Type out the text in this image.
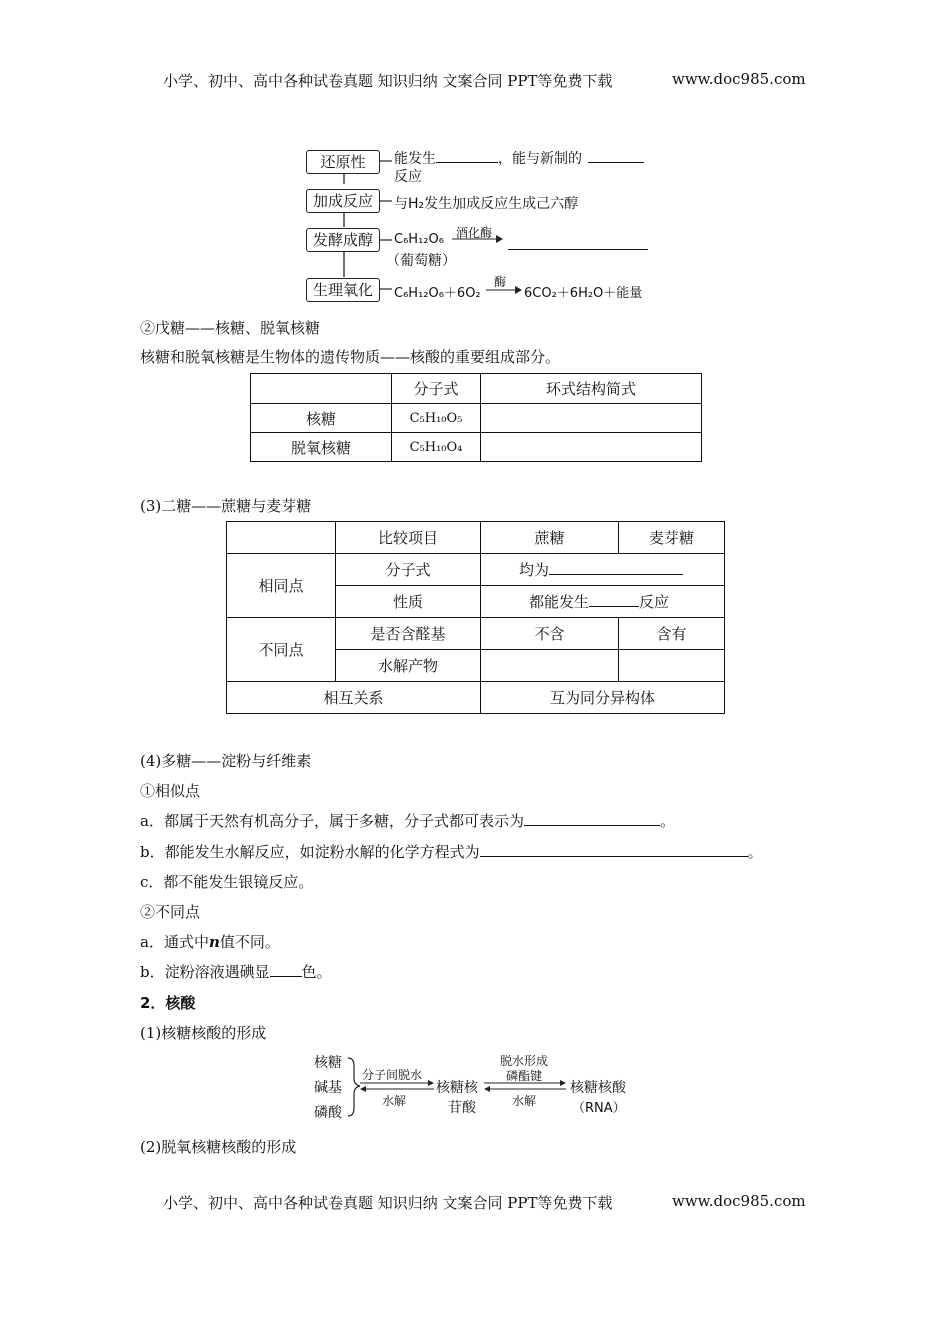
小学、初中、高中各种试卷真题 知识归纳 文案合同 PPT等免费下载	www.doc985.com
还原性
加成反应
发酵成醇
生理氧化
能发生	，能与新制的
反应
与H₂发生加成反应生成己六醇
C₆H₁₂O₆ 酒化酶
（葡萄糖）
C₆H₁₂O₆＋6O₂
酶
6CO₂＋6H₂O＋能量
②戊糖——核糖、脱氧核糖
核糖和脱氧核糖是生物体的遗传物质——核酸的重要组成部分。
	分子式	环式结构简式
核糖	C₅H₁₀O₅	
脱氧核糖	C₅H₁₀O₄	
(3)二糖——蔗糖与麦芽糖
	比较项目	蔗糖	麦芽糖
相同点	分子式	均为	
	性质	都能发生 反应	
不同点	是否含醛基	不含	含有
	水解产物		
相互关系		互为同分异构体	
(4)多糖——淀粉与纤维素
①相似点
a．都属于天然有机高分子，属于多糖，分子式都可表示为	。
b．都能发生水解反应，如淀粉水解的化学方程式为	。
c．都不能发生银镜反应。
②不同点
a．通式中n值不同。
b．淀粉溶液遇碘显 色。
2．核酸
(1)核糖核酸的形成
核糖
碱基
磷酸
分子间脱水
水解
核糖核
苷酸
脱水形成
磷酯键
水解
核糖核酸
（RNA）
(2)脱氧核糖核酸的形成
小学、初中、高中各种试卷真题 知识归纳 文案合同 PPT等免费下载	www.doc985.com
